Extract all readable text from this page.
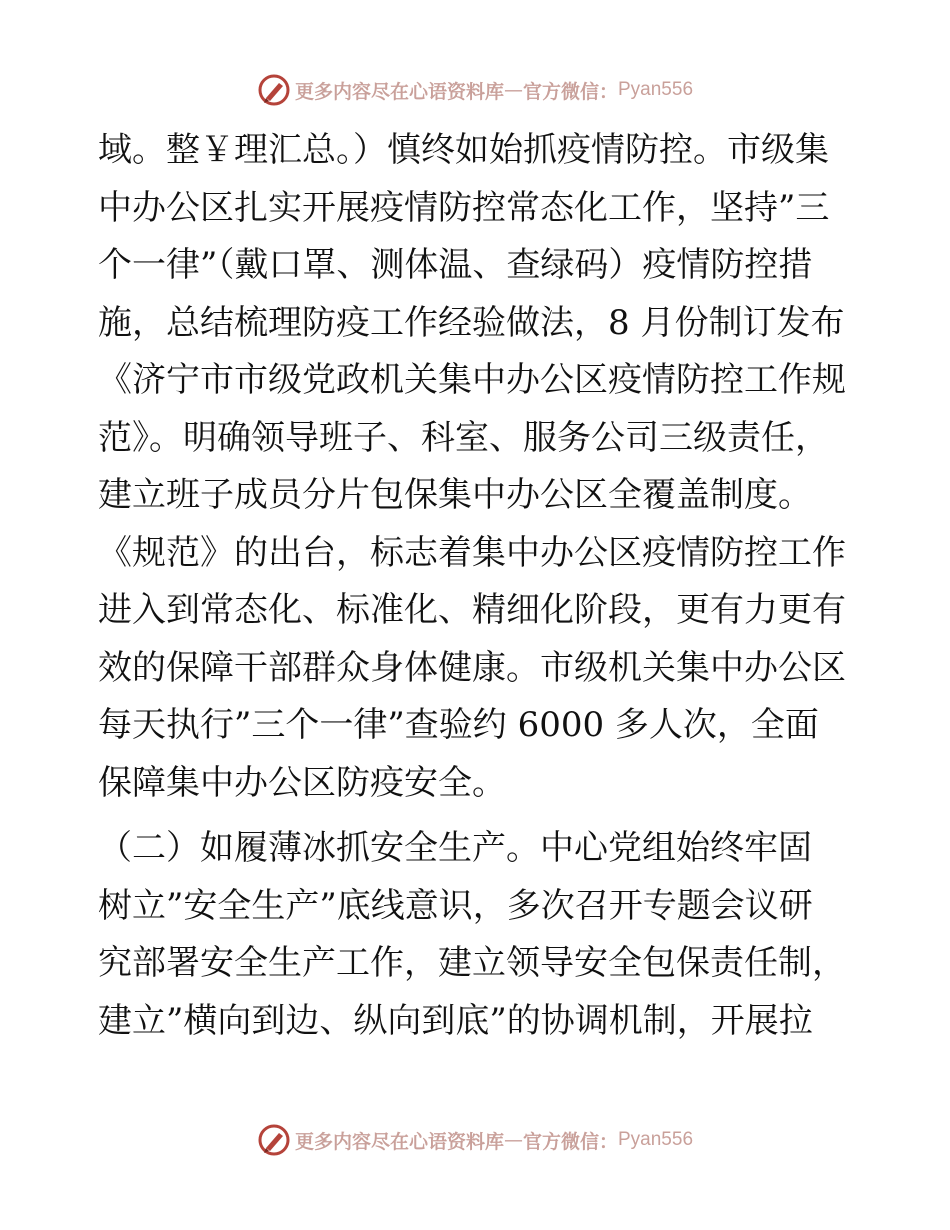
更多内容尽在心语资料库 — 官方微信： Pyan556
域。整￥理汇总。）慎终如始抓疫情防控。市级集
中办公区扎实开展疫情防控常态化工作，坚持”三
个一律”（戴口罩、测体温、查绿码）疫情防控措
施，总结梳理防疫工作经验做法，8 月份制订发布
《济宁市市级党政机关集中办公区疫情防控工作规
范》。明确领导班子、科室、服务公司三级责任，
建立班子成员分片包保集中办公区全覆盖制度。
《规范》的出台，标志着集中办公区疫情防控工作
进入到常态化、标准化、精细化阶段，更有力更有
效的保障干部群众身体健康。市级机关集中办公区
每天执行”三个一律”查验约 6000 多人次，全面
保障集中办公区防疫安全。
（二）如履薄冰抓安全生产。中心党组始终牢固
树立”安全生产”底线意识，多次召开专题会议研
究部署安全生产工作，建立领导安全包保责任制，
建立”横向到边、纵向到底”的协调机制，开展拉
更多内容尽在心语资料库 — 官方微信： Pyan556
